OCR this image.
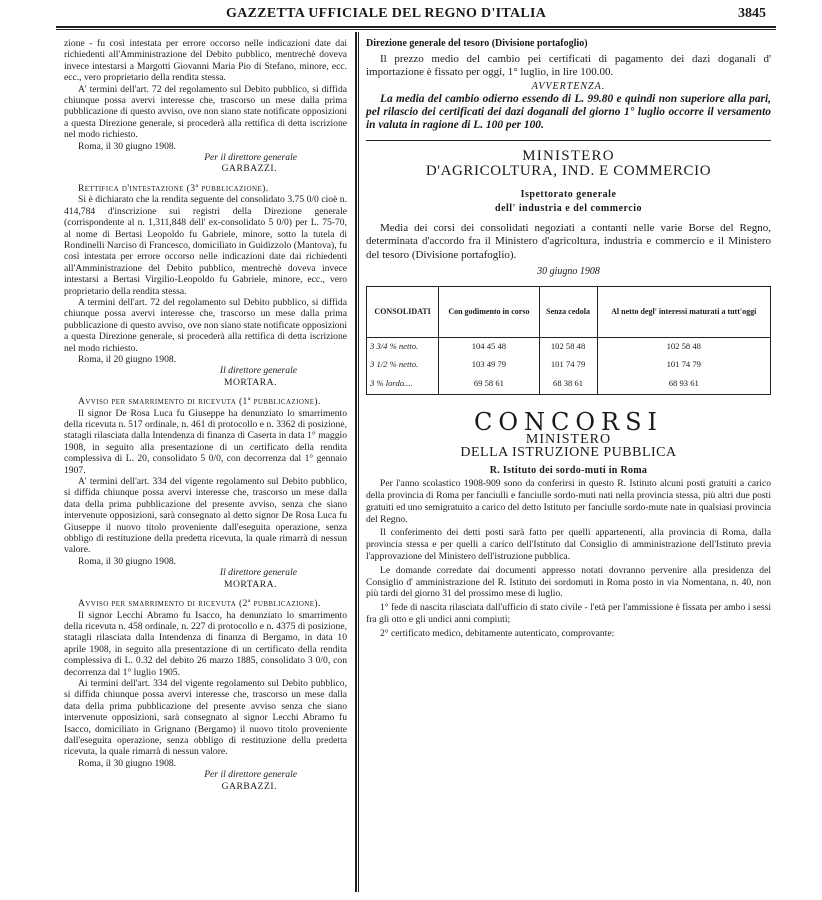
GAZZETTA UFFICIALE DEL REGNO D'ITALIA	3845

zione - fu così intestata per errore occorso nelle indicazioni date dai richiedenti all'Amministrazione del Debito pubblico, mentrechè doveva invece intestarsi a Margotti Giovanni Maria Pio di Stefano, minore, ecc. ecc., vero proprietario della rendita stessa.

A' termini dell'art. 72 del regolamento sul Debito pubblico, si diffida chiunque possa avervi interesse che, trascorso un mese dalla prima pubblicazione di questo avviso, ove non siano state notificate opposizioni a questa Direzione generale, si procederà alla rettifica di detta iscrizione nel modo richiesto.

Roma, il 30 giugno 1908.

Per il direttore generale

GARBAZZI.

Rettifica d'intestazione (3ª pubblicazione).

Si è dichiarato che la rendita seguente del consolidato 3.75 0/0 cioè n. 414,784 d'inscrizione sui registri della Direzione generale (corrispondente al n. 1,311,848 dell' ex-consolidato 5 0/0) per L. 75-70, al nome di Bertasi Leopoldo fu Gabriele, minore, sotto la tutela di Rondinelli Narciso di Francesco, domiciliato in Guidizzolo (Mantova), fu così intestata per errore occorso nelle indicazioni date dai richiedenti all'Amministrazione del Debito pubblico, mentrechè doveva invece intestarsi a Bertasi Virgilio-Leopoldo fu Gabriele, minore, ecc., vero proprietario della rendita stessa.

A termini dell'art. 72 del regolamento sul Debito pubblico, si diffida chiunque possa avervi interesse che, trascorso un mese dalla prima pubblicazione di questo avviso, ove non siano state notificate opposizioni a questa Direzione generale, si procederà alla rettifica di detta iscrizione nel modo richiesto.

Roma, il 20 giugno 1908.

Il direttore generale

MORTARA.

Avviso per smarrimento di ricevuta (1ª pubblicazione).

Il signor De Rosa Luca fu Giuseppe ha denunziato lo smarrimento della ricevuta n. 517 ordinale, n. 461 di protocollo e n. 3362 di posizione, statagli rilasciata dalla Intendenza di finanza di Caserta in data 1° maggio 1908, in seguito alla presentazione di un certificato della rendita complessiva di L. 20, consolidato 5 0/0, con decorrenza dal 1° gennaio 1907.

A' termini dell'art. 334 del vigente regolamento sul Debito pubblico, si diffida chiunque possa avervi interesse che, trascorso un mese dalla data della prima pubblicazione del presente avviso, senza che siano intervenute opposizioni, sarà consegnato al detto signor De Rosa Luca fu Giuseppe il nuovo titolo proveniente dall'eseguita operazione, senza obbligo di restituzione della predetta ricevuta, la quale rimarrà di nessun valore.

Roma, il 30 giugno 1908.

Il direttore generale

MORTARA.

Avviso per smarrimento di ricevuta (2ª pubblicazione).

Il signor Lecchi Abramo fu Isacco, ha denunziato lo smarrimento della ricevuta n. 458 ordinale, n. 227 di protocollo e n. 4375 di posizione, statagli rilasciata dalla Intendenza di finanza di Bergamo, in data 10 aprile 1908, in seguito alla presentazione di un certificato della rendita complessiva di L. 0.32 del debito 26 marzo 1885, consolidato 3 0/0, con decorrenza dal 1° luglio 1905.

Ai termini dell'art. 334 del vigente regolamento sul Debito pubblico, si diffida chiunque possa avervi interesse che, trascorso un mese dalla data della prima pubblicazione del presente avviso senza che siano intervenute opposizioni, sarà consegnato al signor Lecchi Abramo fu Isacco, domiciliato in Grignano (Bergamo) il nuovo titolo proveniente dall'eseguita operazione, senza obbligo di restituzione della predetta ricevuta, la quale rimarrà di nessun valore.

Roma, il 30 giugno 1908.

Per il direttore generale

GARBAZZI.

Direzione generale del tesoro (Divisione portafoglio)

Il prezzo medio del cambio pei certificati di pagamento dei dazi doganali d' importazione è fissato per oggi, 1° luglio, in lire 100.00.

AVVERTENZA.

La media del cambio odierno essendo di L. 99.80 e quindi non superiore alla pari, pel rilascio dei certificati dei dazi doganali del giorno 1° luglio occorre il versamento in valuta in ragione di L. 100 per 100.

MINISTERO

D'AGRICOLTURA, IND. E COMMERCIO

Ispettorato generale

dell' industria e del commercio

Media dei corsi dei consolidati negoziati a contanti nelle varie Borse del Regno, determinata d'accordo fra il Ministero d'agricoltura, industria e commercio e il Ministero del tesoro (Divisione portafoglio).

30 giugno 1908

CONSOLIDATI	Con godimento in corso	Senza cedola	Al netto degl' interessi maturati a tutt'oggi
3 3/4 % netto.	104 45 48	102 58 48	102 58 48
3 1/2 % netto.	103 49 79	101 74 79	101 74 79
3 % lordo....	69 58 61	68 38 61	68 93 61

CONCORSI

MINISTERO

DELLA ISTRUZIONE PUBBLICA

R. Istituto dei sordo-muti in Roma

Per l'anno scolastico 1908-909 sono da conferirsi in questo R. Istituto alcuni posti gratuiti a carico della provincia di Roma per fanciulli e fanciulle sordo-muti nati nella provincia stessa, più altri due posti gratuiti ed uno semigratuito a carico del detto Istituto per fanciulle sordo-mute nate in qualsiasi provincia del Regno.

Il conferimento dei detti posti sarà fatto per quelli appartenenti, alla provincia di Roma, dalla provincia stessa e per quelli a carico dell'Istituto dal Consiglio di amministrazione dell'Istituto previa l'approvazione del Ministero dell'istruzione pubblica.

Le domande corredate dai documenti appresso notati dovranno pervenire alla presidenza del Consiglio d' amministrazione del R. Istituto dei sordomuti in Roma posto in via Nomentana, n. 40, non più tardi del giorno 31 del prossimo mese di luglio.

1° fede di nascita rilasciata dall'ufficio di stato civile - l'età per l'ammissione è fissata per ambo i sessi fra gli otto e gli undici anni compiuti;

2° certificato medico, debitamente autenticato, comprovante:
